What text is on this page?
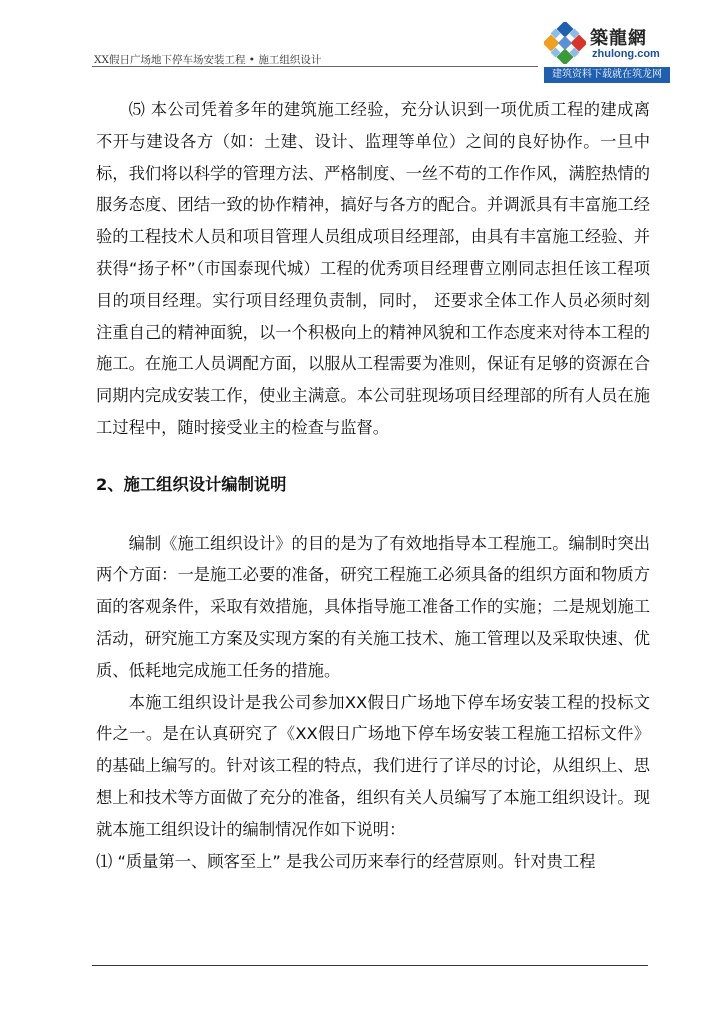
XX假日广场地下停车场安装工程 • 施工组织设计
築龍網
zhulong.com
建筑资料下载就在筑龙网

⑸ 本公司凭着多年的建筑施工经验，充分认识到一项优质工程的建成离不开与建设各方（如：土建、设计、监理等单位）之间的良好协作。一旦中标，我们将以科学的管理方法、严格制度、一丝不苟的工作作风，满腔热情的服务态度、团结一致的协作精神，搞好与各方的配合。并调派具有丰富施工经验的工程技术人员和项目管理人员组成项目经理部，由具有丰富施工经验、并获得“扬子杯”（市国泰现代城）工程的优秀项目经理曹立刚同志担任该工程项目的项目经理。实行项目经理负责制，同时， 还要求全体工作人员必须时刻注重自己的精神面貌，以一个积极向上的精神风貌和工作态度来对待本工程的施工。在施工人员调配方面，以服从工程需要为准则，保证有足够的资源在合同期内完成安装工作，使业主满意。本公司驻现场项目经理部的所有人员在施工过程中，随时接受业主的检查与监督。

2、施工组织设计编制说明

编制《施工组织设计》的目的是为了有效地指导本工程施工。编制时突出两个方面：一是施工必要的准备，研究工程施工必须具备的组织方面和物质方面的客观条件，采取有效措施，具体指导施工准备工作的实施；二是规划施工活动，研究施工方案及实现方案的有关施工技术、施工管理以及采取快速、优质、低耗地完成施工任务的措施。

本施工组织设计是我公司参加XX假日广场地下停车场安装工程的投标文件之一。是在认真研究了《XX假日广场地下停车场安装工程施工招标文件》的基础上编写的。针对该工程的特点，我们进行了详尽的讨论，从组织上、思想上和技术等方面做了充分的准备，组织有关人员编写了本施工组织设计。现就本施工组织设计的编制情况作如下说明：

⑴ “质量第一、顾客至上” 是我公司历来奉行的经营原则。针对贵工程
